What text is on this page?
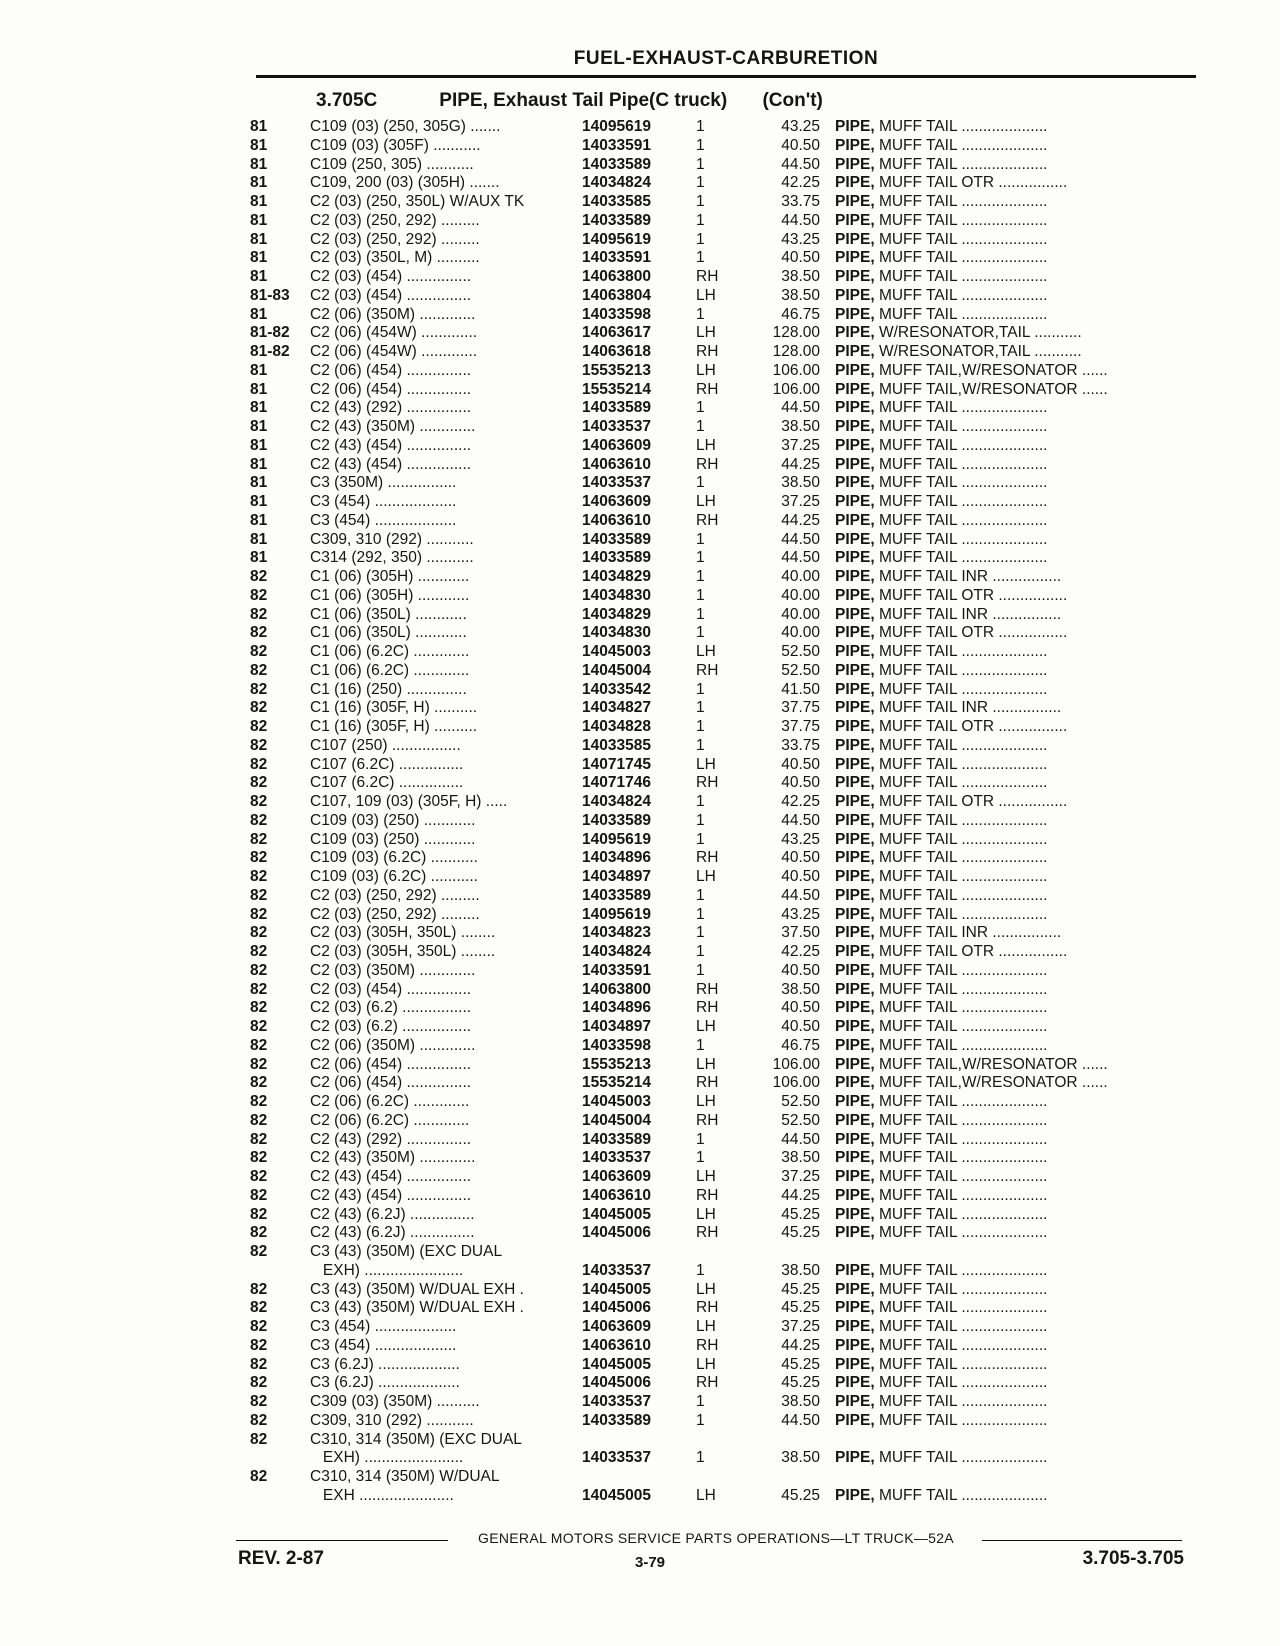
FUEL-EXHAUST-CARBURETION
3.705C	PIPE, Exhaust Tail Pipe(C truck) (Con't)
81	C109 (03) (250, 305G) .......	14095619	1	43.25 PIPE, MUFF TAIL ....................
81	C109 (03) (305F) ...........	14033591	1	40.50 PIPE, MUFF TAIL ....................
81	C109 (250, 305) ...........	14033589	1	44.50 PIPE, MUFF TAIL ....................
81	C109, 200 (03) (305H) .......	14034824	1	42.25 PIPE, MUFF TAIL OTR ................
81	C2 (03) (250, 350L) W/AUX TK	14033585	1	33.75 PIPE, MUFF TAIL ....................
81	C2 (03) (250, 292) .........	14033589	1	44.50 PIPE, MUFF TAIL ....................
81	C2 (03) (250, 292) .........	14095619	1	43.25 PIPE, MUFF TAIL ....................
81	C2 (03) (350L, M) ..........	14033591	1	40.50 PIPE, MUFF TAIL ....................
81	C2 (03) (454) ...............	14063800	RH	38.50 PIPE, MUFF TAIL ....................
81-83	C2 (03) (454) ...............	14063804	LH	38.50 PIPE, MUFF TAIL ....................
81	C2 (06) (350M) .............	14033598	1	46.75 PIPE, MUFF TAIL ....................
81-82	C2 (06) (454W) .............	14063617	LH	128.00 PIPE, W/RESONATOR,TAIL ...........
81-82	C2 (06) (454W) .............	14063618	RH	128.00 PIPE, W/RESONATOR,TAIL ...........
81	C2 (06) (454) ...............	15535213	LH	106.00 PIPE, MUFF TAIL,W/RESONATOR ......
81	C2 (06) (454) ...............	15535214	RH	106.00 PIPE, MUFF TAIL,W/RESONATOR ......
81	C2 (43) (292) ...............	14033589	1	44.50 PIPE, MUFF TAIL ....................
81	C2 (43) (350M) .............	14033537	1	38.50 PIPE, MUFF TAIL ....................
81	C2 (43) (454) ...............	14063609	LH	37.25 PIPE, MUFF TAIL ....................
81	C2 (43) (454) ...............	14063610	RH	44.25 PIPE, MUFF TAIL ....................
81	C3 (350M) ................	14033537	1	38.50 PIPE, MUFF TAIL ....................
81	C3 (454) ...................	14063609	LH	37.25 PIPE, MUFF TAIL ....................
81	C3 (454) ...................	14063610	RH	44.25 PIPE, MUFF TAIL ....................
81	C309, 310 (292) ...........	14033589	1	44.50 PIPE, MUFF TAIL ....................
81	C314 (292, 350) ...........	14033589	1	44.50 PIPE, MUFF TAIL ....................
82	C1 (06) (305H) ............	14034829	1	40.00 PIPE, MUFF TAIL INR ................
82	C1 (06) (305H) ............	14034830	1	40.00 PIPE, MUFF TAIL OTR ................
82	C1 (06) (350L) ............	14034829	1	40.00 PIPE, MUFF TAIL INR ................
82	C1 (06) (350L) ............	14034830	1	40.00 PIPE, MUFF TAIL OTR ................
82	C1 (06) (6.2C) .............	14045003	LH	52.50 PIPE, MUFF TAIL ....................
82	C1 (06) (6.2C) .............	14045004	RH	52.50 PIPE, MUFF TAIL ....................
82	C1 (16) (250) ..............	14033542	1	41.50 PIPE, MUFF TAIL ....................
82	C1 (16) (305F, H) ..........	14034827	1	37.75 PIPE, MUFF TAIL INR ................
82	C1 (16) (305F, H) ..........	14034828	1	37.75 PIPE, MUFF TAIL OTR ................
82	C107 (250) ................	14033585	1	33.75 PIPE, MUFF TAIL ....................
82	C107 (6.2C) ...............	14071745	LH	40.50 PIPE, MUFF TAIL ....................
82	C107 (6.2C) ...............	14071746	RH	40.50 PIPE, MUFF TAIL ....................
82	C107, 109 (03) (305F, H) .....	14034824	1	42.25 PIPE, MUFF TAIL OTR ................
82	C109 (03) (250) ............	14033589	1	44.50 PIPE, MUFF TAIL ....................
82	C109 (03) (250) ............	14095619	1	43.25 PIPE, MUFF TAIL ....................
82	C109 (03) (6.2C) ...........	14034896	RH	40.50 PIPE, MUFF TAIL ....................
82	C109 (03) (6.2C) ...........	14034897	LH	40.50 PIPE, MUFF TAIL ....................
82	C2 (03) (250, 292) .........	14033589	1	44.50 PIPE, MUFF TAIL ....................
82	C2 (03) (250, 292) .........	14095619	1	43.25 PIPE, MUFF TAIL ....................
82	C2 (03) (305H, 350L) ........	14034823	1	37.50 PIPE, MUFF TAIL INR ................
82	C2 (03) (305H, 350L) ........	14034824	1	42.25 PIPE, MUFF TAIL OTR ................
82	C2 (03) (350M) .............	14033591	1	40.50 PIPE, MUFF TAIL ....................
82	C2 (03) (454) ...............	14063800	RH	38.50 PIPE, MUFF TAIL ....................
82	C2 (03) (6.2) ................	14034896	RH	40.50 PIPE, MUFF TAIL ....................
82	C2 (03) (6.2) ................	14034897	LH	40.50 PIPE, MUFF TAIL ....................
82	C2 (06) (350M) .............	14033598	1	46.75 PIPE, MUFF TAIL ....................
82	C2 (06) (454) ...............	15535213	LH	106.00 PIPE, MUFF TAIL,W/RESONATOR ......
82	C2 (06) (454) ...............	15535214	RH	106.00 PIPE, MUFF TAIL,W/RESONATOR ......
82	C2 (06) (6.2C) .............	14045003	LH	52.50 PIPE, MUFF TAIL ....................
82	C2 (06) (6.2C) .............	14045004	RH	52.50 PIPE, MUFF TAIL ....................
82	C2 (43) (292) ...............	14033589	1	44.50 PIPE, MUFF TAIL ....................
82	C2 (43) (350M) .............	14033537	1	38.50 PIPE, MUFF TAIL ....................
82	C2 (43) (454) ...............	14063609	LH	37.25 PIPE, MUFF TAIL ....................
82	C2 (43) (454) ...............	14063610	RH	44.25 PIPE, MUFF TAIL ....................
82	C2 (43) (6.2J) ...............	14045005	LH	45.25 PIPE, MUFF TAIL ....................
82	C2 (43) (6.2J) ...............	14045006	RH	45.25 PIPE, MUFF TAIL ....................
82	C3 (43) (350M) (EXC DUAL
EXH) .......................	14033537	1	38.50 PIPE, MUFF TAIL ....................
82	C3 (43) (350M) W/DUAL EXH .	14045005	LH	45.25 PIPE, MUFF TAIL ....................
82	C3 (43) (350M) W/DUAL EXH .	14045006	RH	45.25 PIPE, MUFF TAIL ....................
82	C3 (454) ...................	14063609	LH	37.25 PIPE, MUFF TAIL ....................
82	C3 (454) ...................	14063610	RH	44.25 PIPE, MUFF TAIL ....................
82	C3 (6.2J) ...................	14045005	LH	45.25 PIPE, MUFF TAIL ....................
82	C3 (6.2J) ...................	14045006	RH	45.25 PIPE, MUFF TAIL ....................
82	C309 (03) (350M) ..........	14033537	1	38.50 PIPE, MUFF TAIL ....................
82	C309, 310 (292) ...........	14033589	1	44.50 PIPE, MUFF TAIL ....................
82	C310, 314 (350M) (EXC DUAL
EXH) .......................	14033537	1	38.50 PIPE, MUFF TAIL ....................
82	C310, 314 (350M) W/DUAL
EXH ......................	14045005	LH	45.25 PIPE, MUFF TAIL ....................
GENERAL MOTORS SERVICE PARTS OPERATIONS—LT TRUCK—52A
REV. 2-87	3-79	3.705-3.705
